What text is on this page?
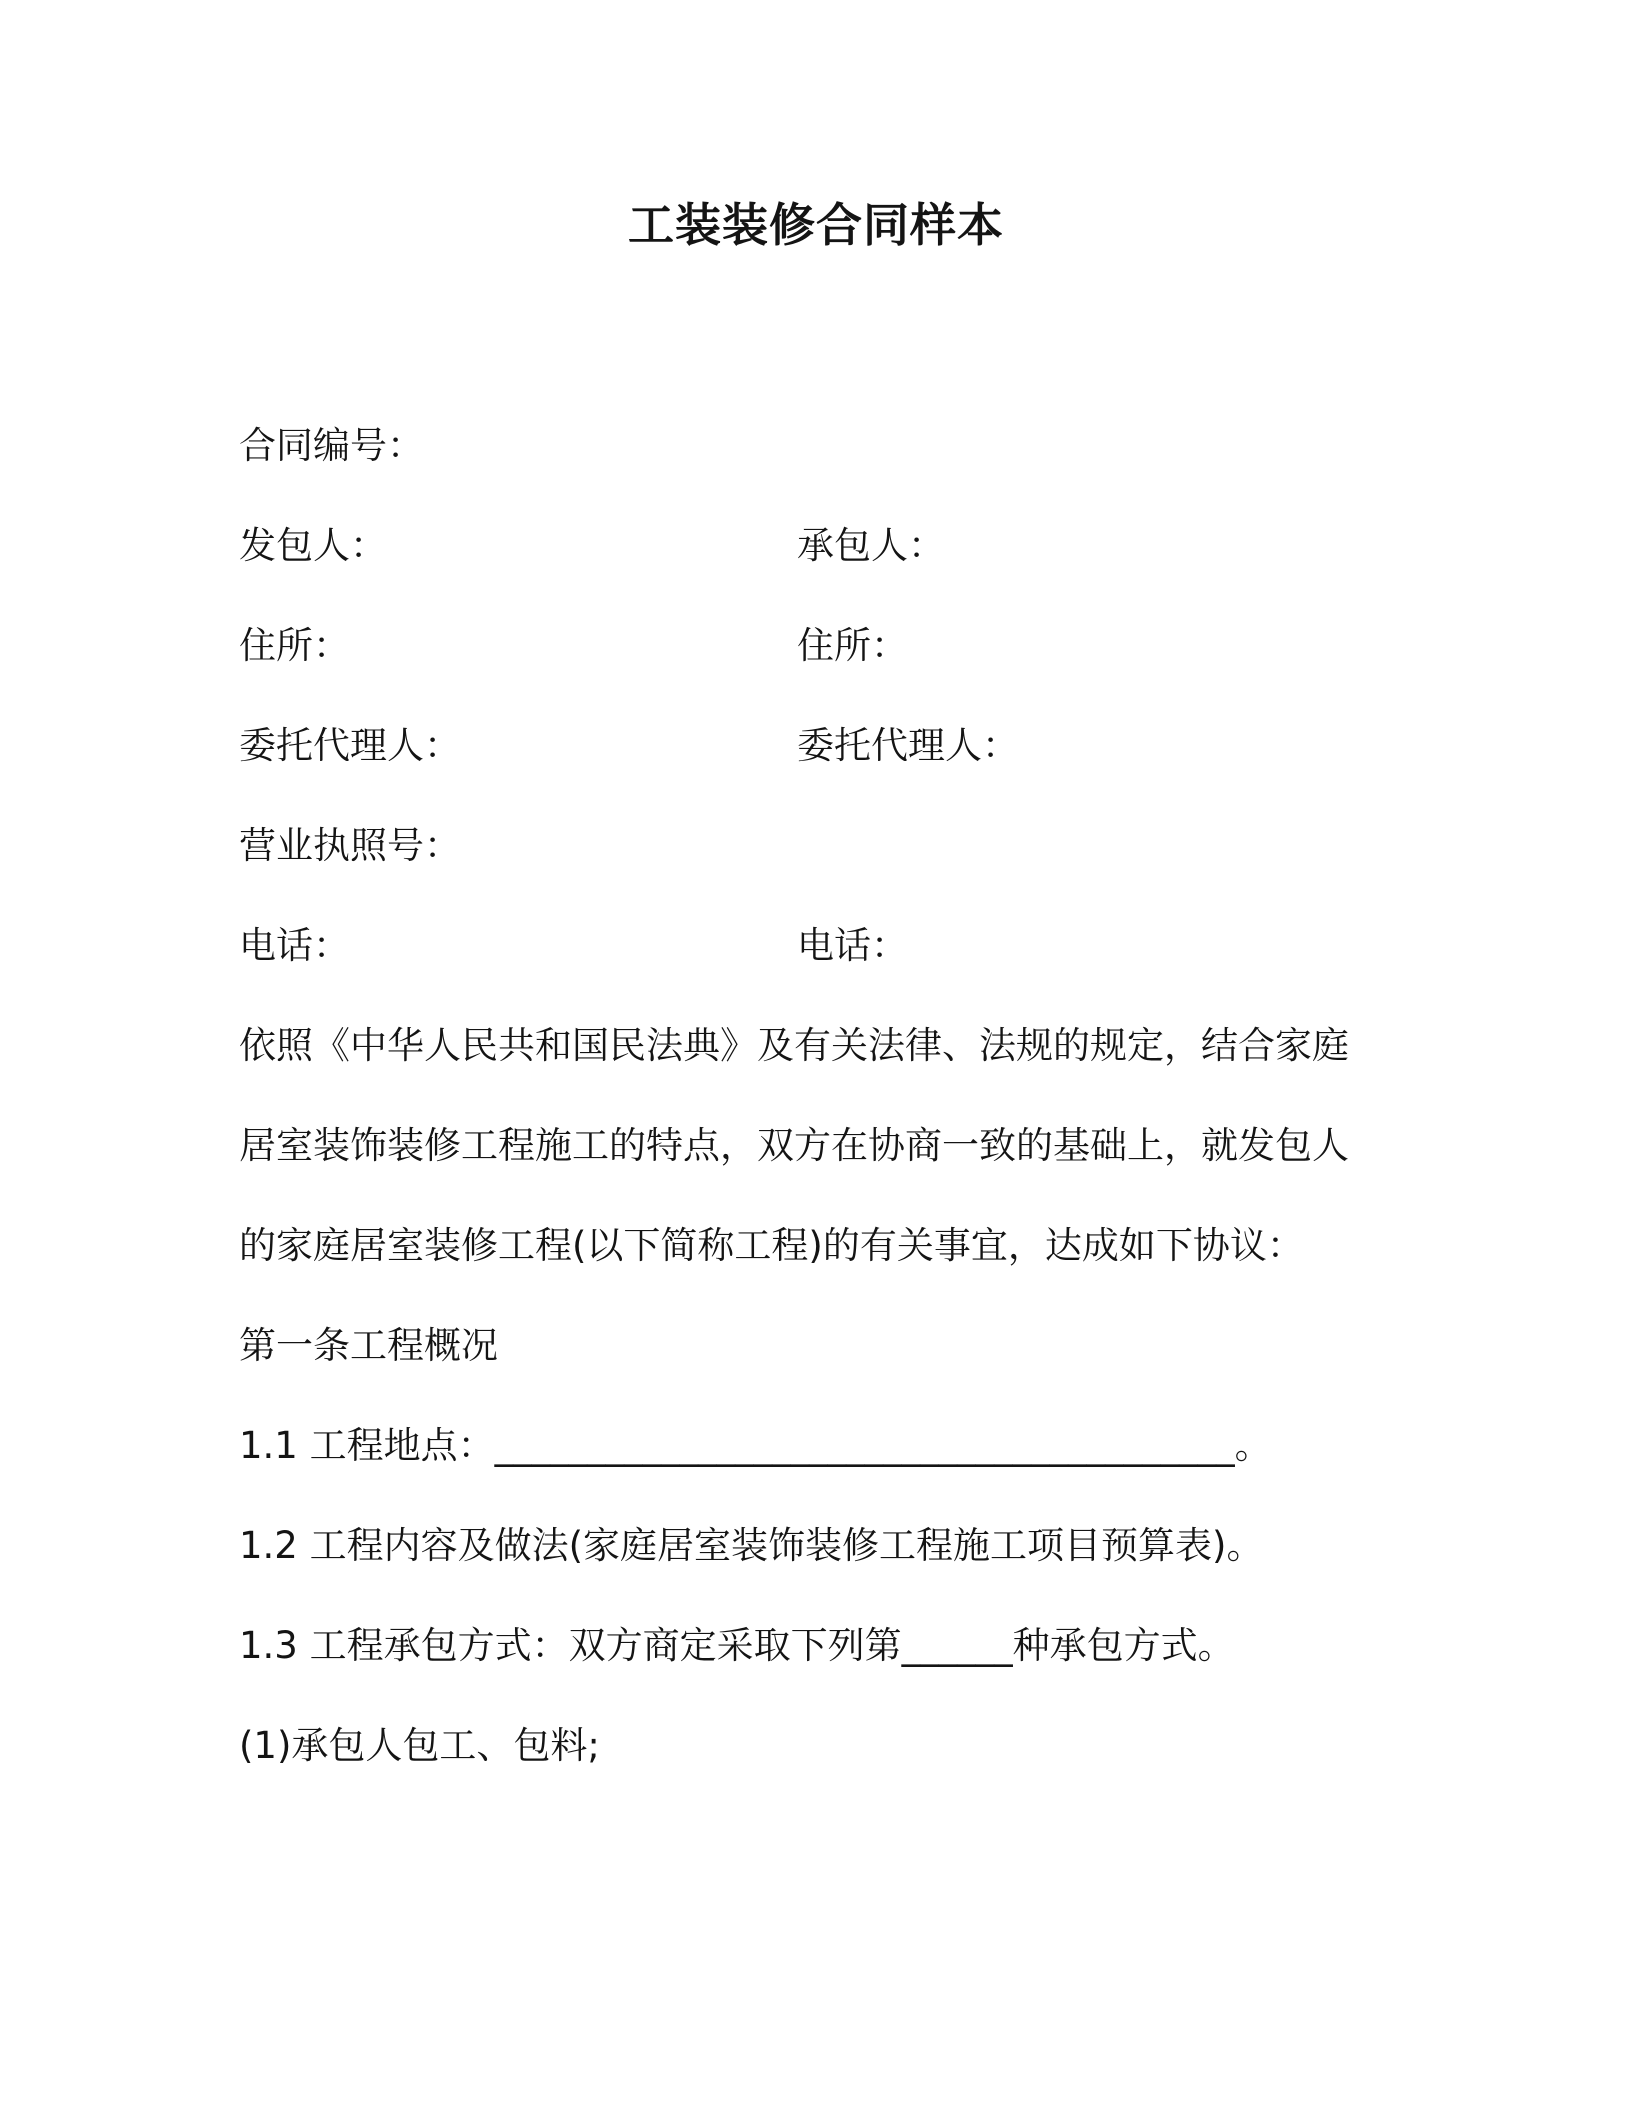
工装装修合同样本
合同编号：
发包人：	承包人：
住所：	住所：
委托代理人：	委托代理人：
营业执照号：
电话：	电话：
依照《中华人民共和国民法典》及有关法律、法规的规定，结合家庭
居室装饰装修工程施工的特点，双方在协商一致的基础上，就发包人
的家庭居室装修工程(以下简称工程)的有关事宜，达成如下协议：
第一条工程概况
1.1 工程地点：________________________________________。
1.2 工程内容及做法(家庭居室装饰装修工程施工项目预算表)。
1.3 工程承包方式：双方商定采取下列第______种承包方式。
(1)承包人包工、包料;
